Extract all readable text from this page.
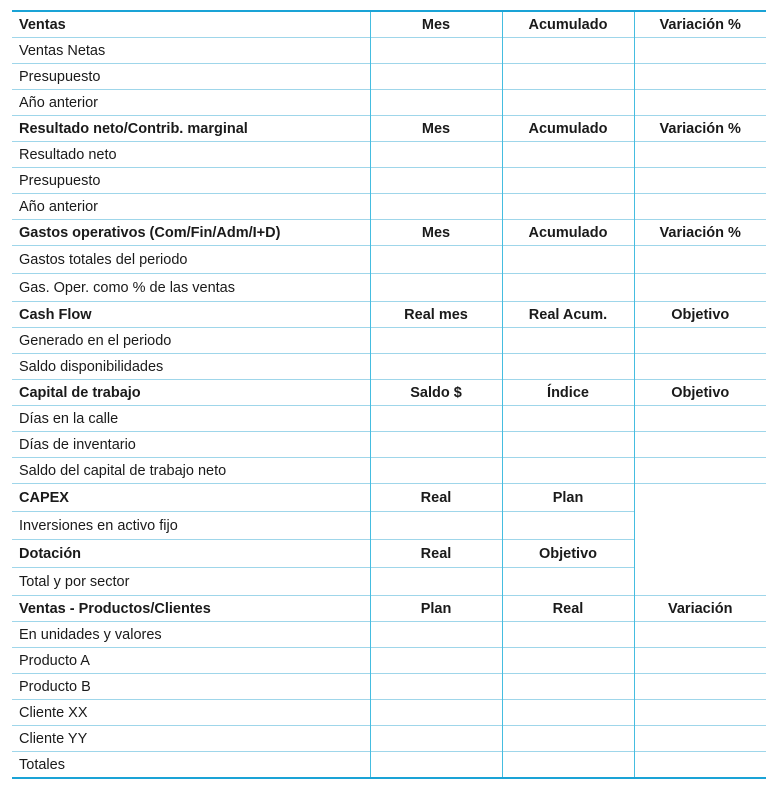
Ventas	Mes	Acumulado	Variación %
Ventas Netas			
Presupuesto			
Año anterior			
Resultado neto/Contrib. marginal	Mes	Acumulado	Variación %
Resultado neto			
Presupuesto			
Año anterior			
Gastos operativos (Com/Fin/Adm/I+D)	Mes	Acumulado	Variación %
Gastos totales del periodo			
Gas. Oper. como % de las ventas			
Cash Flow	Real mes	Real Acum.	Objetivo
Generado en el periodo			
Saldo disponibilidades			
Capital de trabajo	Saldo $	Índice	Objetivo
Días en la calle			
Días de inventario			
Saldo del capital de trabajo neto			
CAPEX	Real	Plan	
Inversiones en activo fijo			
Dotación	Real	Objetivo	
Total y por sector			
Ventas - Productos/Clientes	Plan	Real	Variación
En unidades y valores			
Producto A			
Producto B			
Cliente XX			
Cliente YY			
Totales			
